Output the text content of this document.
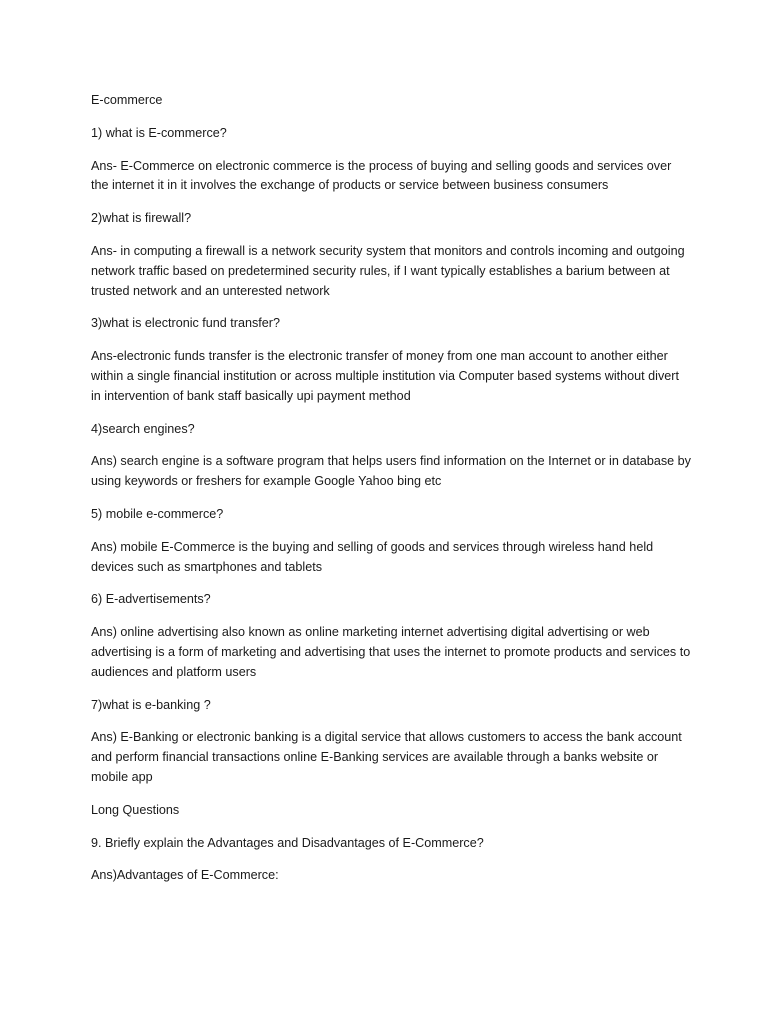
E-commerce

1) what is E-commerce?

Ans- E-Commerce on electronic commerce is the process of buying and selling goods and services over the internet it in it involves the exchange of products or service between business consumers

2)what is firewall?

Ans- in computing a firewall is a network security system that monitors and controls incoming and outgoing network traffic based on predetermined security rules, if I want typically establishes a barium between at trusted network and an unterested network

3)what is electronic fund transfer?

Ans-electronic funds transfer is the electronic transfer of money from one man account to another either within a single financial institution or across multiple institution via Computer based systems without divert in intervention of bank staff basically upi payment method

4)search engines?

Ans) search engine is a software program that helps users find information on the Internet or in database by using keywords or freshers for example Google Yahoo bing etc

5) mobile e-commerce?

Ans) mobile E-Commerce is the buying and selling of goods and services through wireless hand held devices such as smartphones and tablets

6) E-advertisements?

Ans) online advertising also known as online marketing internet advertising digital advertising or web advertising is a form of marketing and advertising that uses the internet to promote products and services to audiences and platform users

7)what is e-banking ?

Ans) E-Banking or electronic banking is a digital service that allows customers to access the bank account and perform financial transactions online E-Banking services are available through a banks website or mobile app

Long Questions

9. Briefly explain the Advantages and Disadvantages of E-Commerce?

Ans)Advantages of E-Commerce:
